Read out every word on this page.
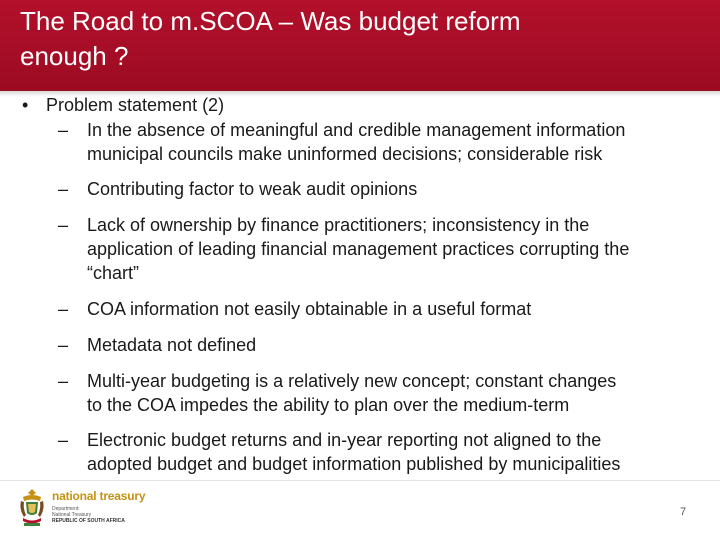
The Road to m.SCOA – Was budget reform
enough ?
• Problem statement (2)
– In the absence of meaningful and credible management information
municipal councils make uninformed decisions; considerable risk
– Contributing factor to weak audit opinions
– Lack of ownership by finance practitioners; inconsistency in the
application of leading financial management practices corrupting the
“chart”
– COA information not easily obtainable in a useful format
– Metadata not defined
– Multi-year budgeting is a relatively new concept; constant changes
to the COA impedes the ability to plan over the medium-term
– Electronic budget returns and in-year reporting not aligned to the
adopted budget and budget information published by municipalities
national treasury
Department:
National Treasury
REPUBLIC OF SOUTH AFRICA
7
